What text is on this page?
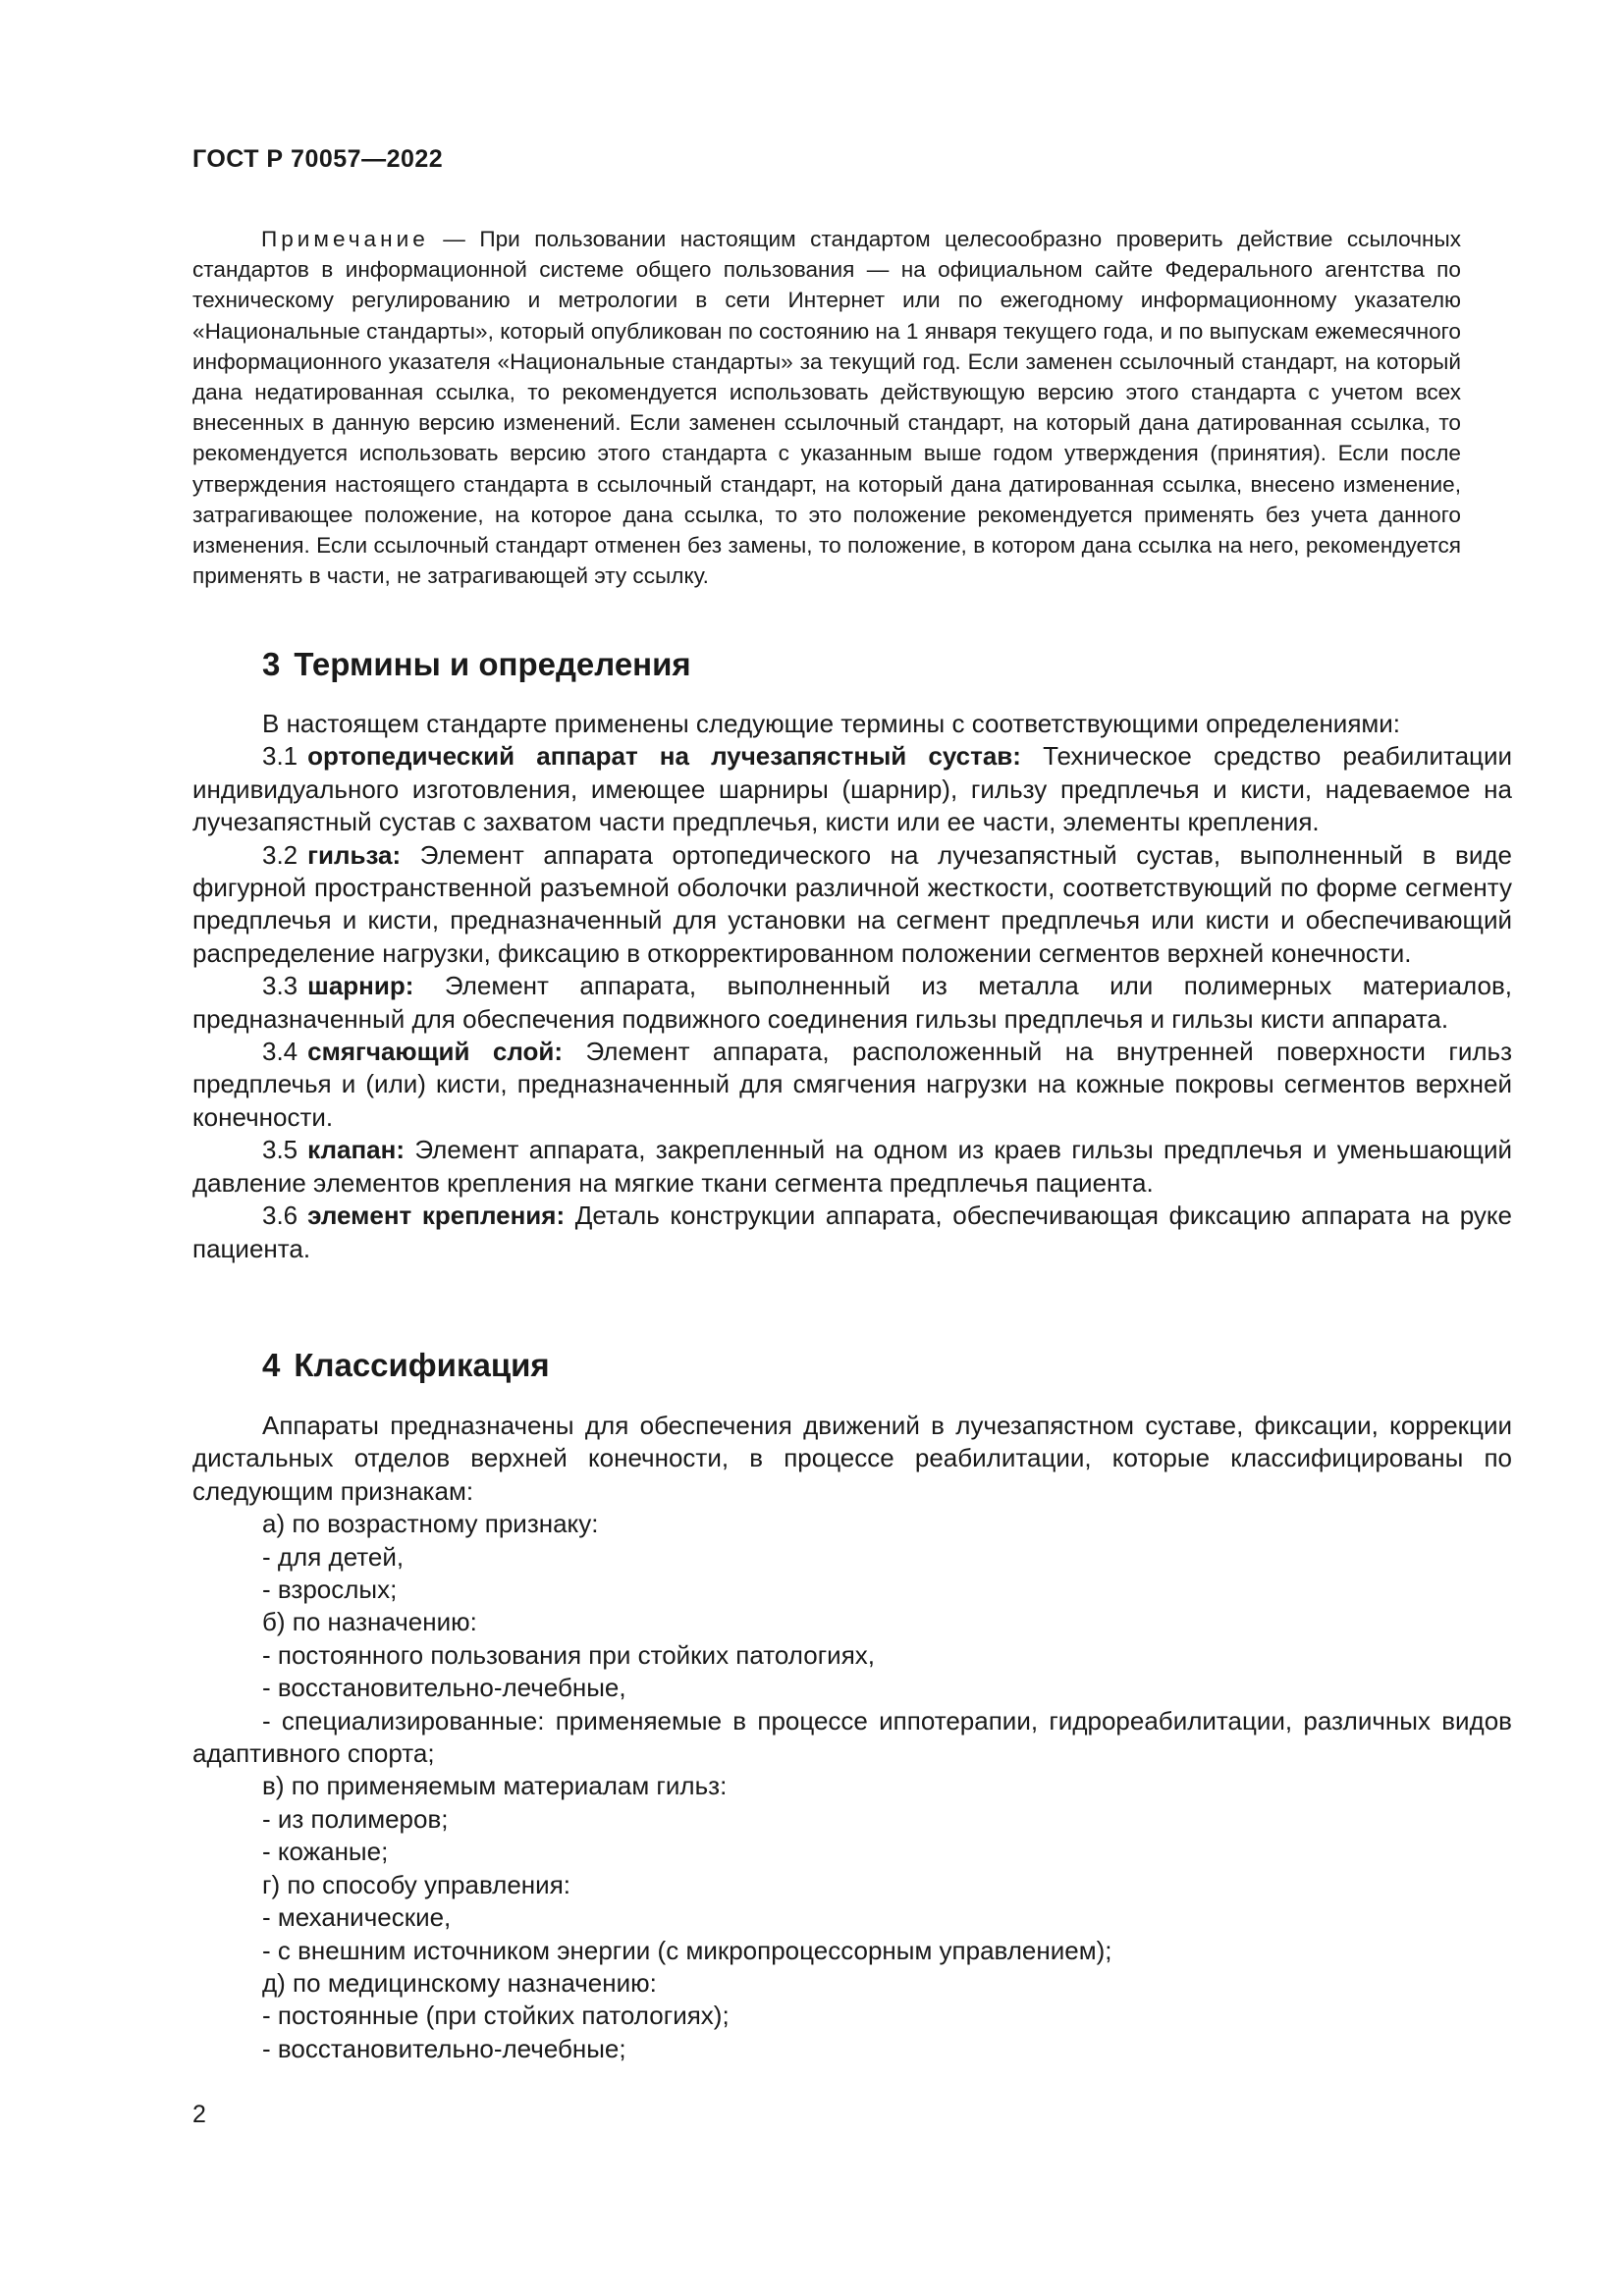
ГОСТ Р 70057—2022

Примечание — При пользовании настоящим стандартом целесообразно проверить действие ссылочных стандартов в информационной системе общего пользования — на официальном сайте Федерального агентства по техническому регулированию и метрологии в сети Интернет или по ежегодному информационному указателю «Национальные стандарты», который опубликован по состоянию на 1 января текущего года, и по выпускам ежемесячного информационного указателя «Национальные стандарты» за текущий год. Если заменен ссылочный стандарт, на который дана недатированная ссылка, то рекомендуется использовать действующую версию этого стандарта с учетом всех внесенных в данную версию изменений. Если заменен ссылочный стандарт, на который дана датированная ссылка, то рекомендуется использовать версию этого стандарта с указанным выше годом утверждения (принятия). Если после утверждения настоящего стандарта в ссылочный стандарт, на который дана датированная ссылка, внесено изменение, затрагивающее положение, на которое дана ссылка, то это положение рекомендуется применять без учета данного изменения. Если ссылочный стандарт отменен без замены, то положение, в котором дана ссылка на него, рекомендуется применять в части, не затрагивающей эту ссылку.

3 Термины и определения

В настоящем стандарте применены следующие термины с соответствующими определениями:

3.1 ортопедический аппарат на лучезапястный сустав: Техническое средство реабилитации индивидуального изготовления, имеющее шарниры (шарнир), гильзу предплечья и кисти, надеваемое на лучезапястный сустав с захватом части предплечья, кисти или ее части, элементы крепления.

3.2 гильза: Элемент аппарата ортопедического на лучезапястный сустав, выполненный в виде фигурной пространственной разъемной оболочки различной жесткости, соответствующий по форме сегменту предплечья и кисти, предназначенный для установки на сегмент предплечья или кисти и обеспечивающий распределение нагрузки, фиксацию в откорректированном положении сегментов верхней конечности.

3.3 шарнир: Элемент аппарата, выполненный из металла или полимерных материалов, предназначенный для обеспечения подвижного соединения гильзы предплечья и гильзы кисти аппарата.

3.4 смягчающий слой: Элемент аппарата, расположенный на внутренней поверхности гильз предплечья и (или) кисти, предназначенный для смягчения нагрузки на кожные покровы сегментов верхней конечности.

3.5 клапан: Элемент аппарата, закрепленный на одном из краев гильзы предплечья и уменьшающий давление элементов крепления на мягкие ткани сегмента предплечья пациента.

3.6 элемент крепления: Деталь конструкции аппарата, обеспечивающая фиксацию аппарата на руке пациента.

4 Классификация

Аппараты предназначены для обеспечения движений в лучезапястном суставе, фиксации, коррекции дистальных отделов верхней конечности, в процессе реабилитации, которые классифицированы по следующим признакам:

а) по возрастному признаку:

- для детей,

- взрослых;

б) по назначению:

- постоянного пользования при стойких патологиях,

- восстановительно-лечебные,

- специализированные: применяемые в процессе иппотерапии, гидрореабилитации, различных видов адаптивного спорта;

в) по применяемым материалам гильз:

- из полимеров;

- кожаные;

г) по способу управления:

- механические,

- с внешним источником энергии (с микропроцессорным управлением);

д) по медицинскому назначению:

- постоянные (при стойких патологиях);

- восстановительно-лечебные;

2
